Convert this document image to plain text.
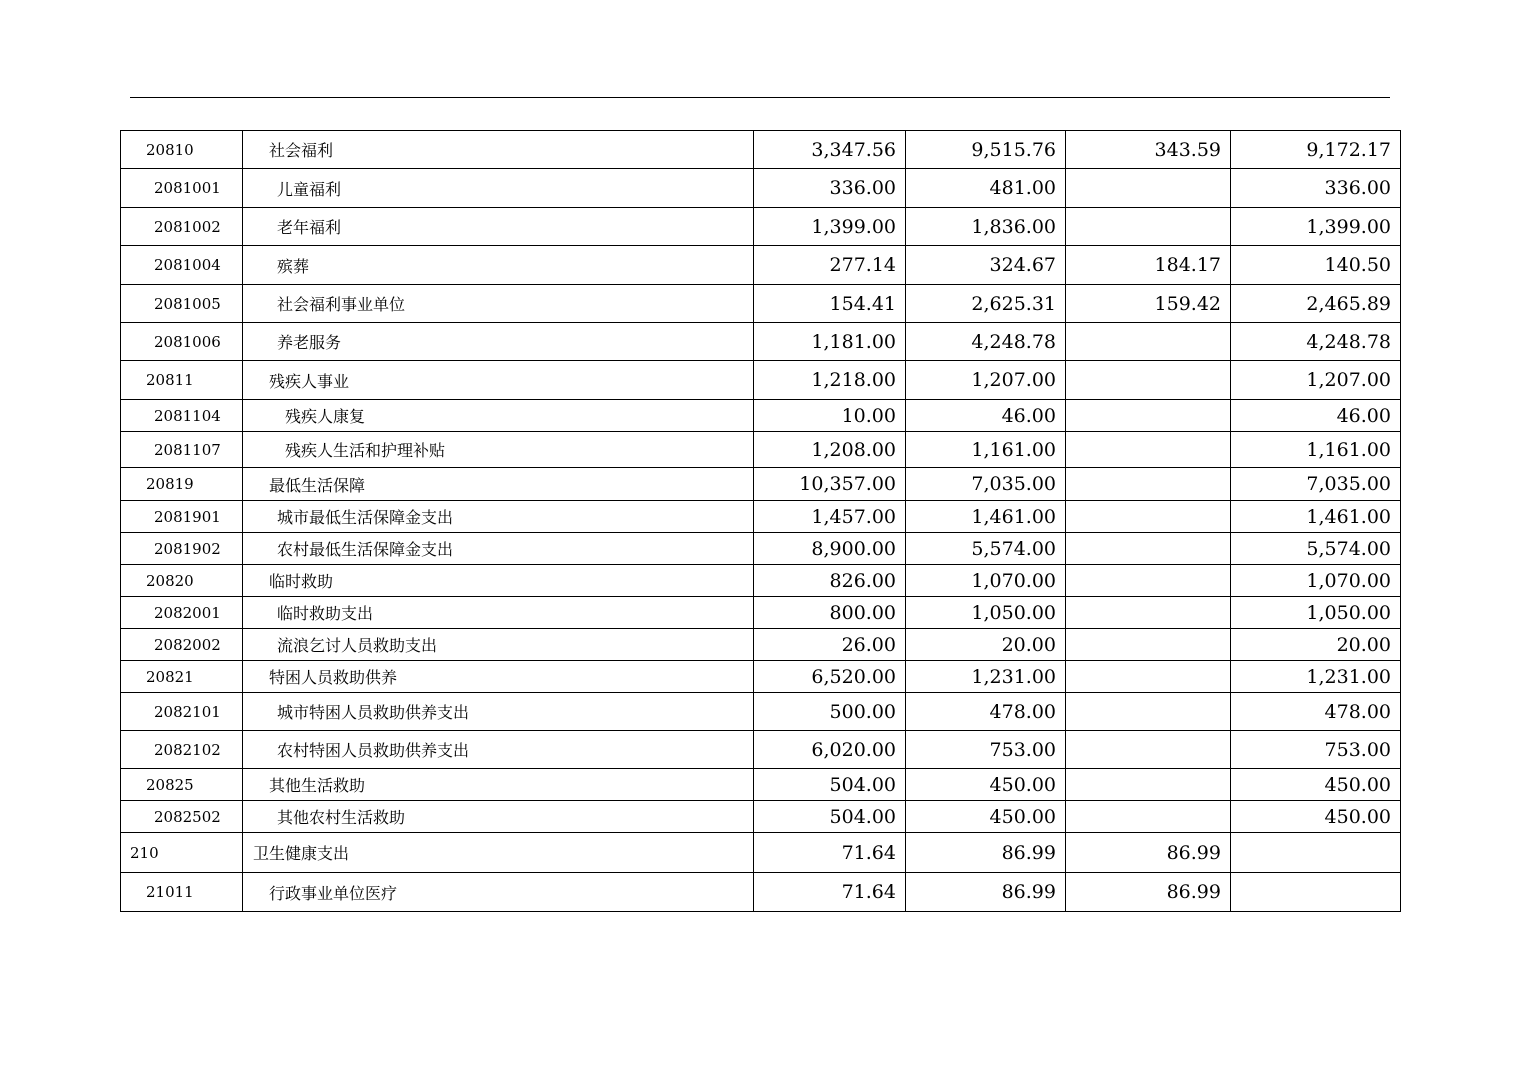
20810	社会福利	3,347.56	9,515.76	343.59	9,172.17
2081001	儿童福利	336.00	481.00		336.00
2081002	老年福利	1,399.00	1,836.00		1,399.00
2081004	殡葬	277.14	324.67	184.17	140.50
2081005	社会福利事业单位	154.41	2,625.31	159.42	2,465.89
2081006	养老服务	1,181.00	4,248.78		4,248.78
20811	残疾人事业	1,218.00	1,207.00		1,207.00
2081104	残疾人康复	10.00	46.00		46.00
2081107	残疾人生活和护理补贴	1,208.00	1,161.00		1,161.00
20819	最低生活保障	10,357.00	7,035.00		7,035.00
2081901	城市最低生活保障金支出	1,457.00	1,461.00		1,461.00
2081902	农村最低生活保障金支出	8,900.00	5,574.00		5,574.00
20820	临时救助	826.00	1,070.00		1,070.00
2082001	临时救助支出	800.00	1,050.00		1,050.00
2082002	流浪乞讨人员救助支出	26.00	20.00		20.00
20821	特困人员救助供养	6,520.00	1,231.00		1,231.00
2082101	城市特困人员救助供养支出	500.00	478.00		478.00
2082102	农村特困人员救助供养支出	6,020.00	753.00		753.00
20825	其他生活救助	504.00	450.00		450.00
2082502	其他农村生活救助	504.00	450.00		450.00
210	卫生健康支出	71.64	86.99	86.99	
21011	行政事业单位医疗	71.64	86.99	86.99	
